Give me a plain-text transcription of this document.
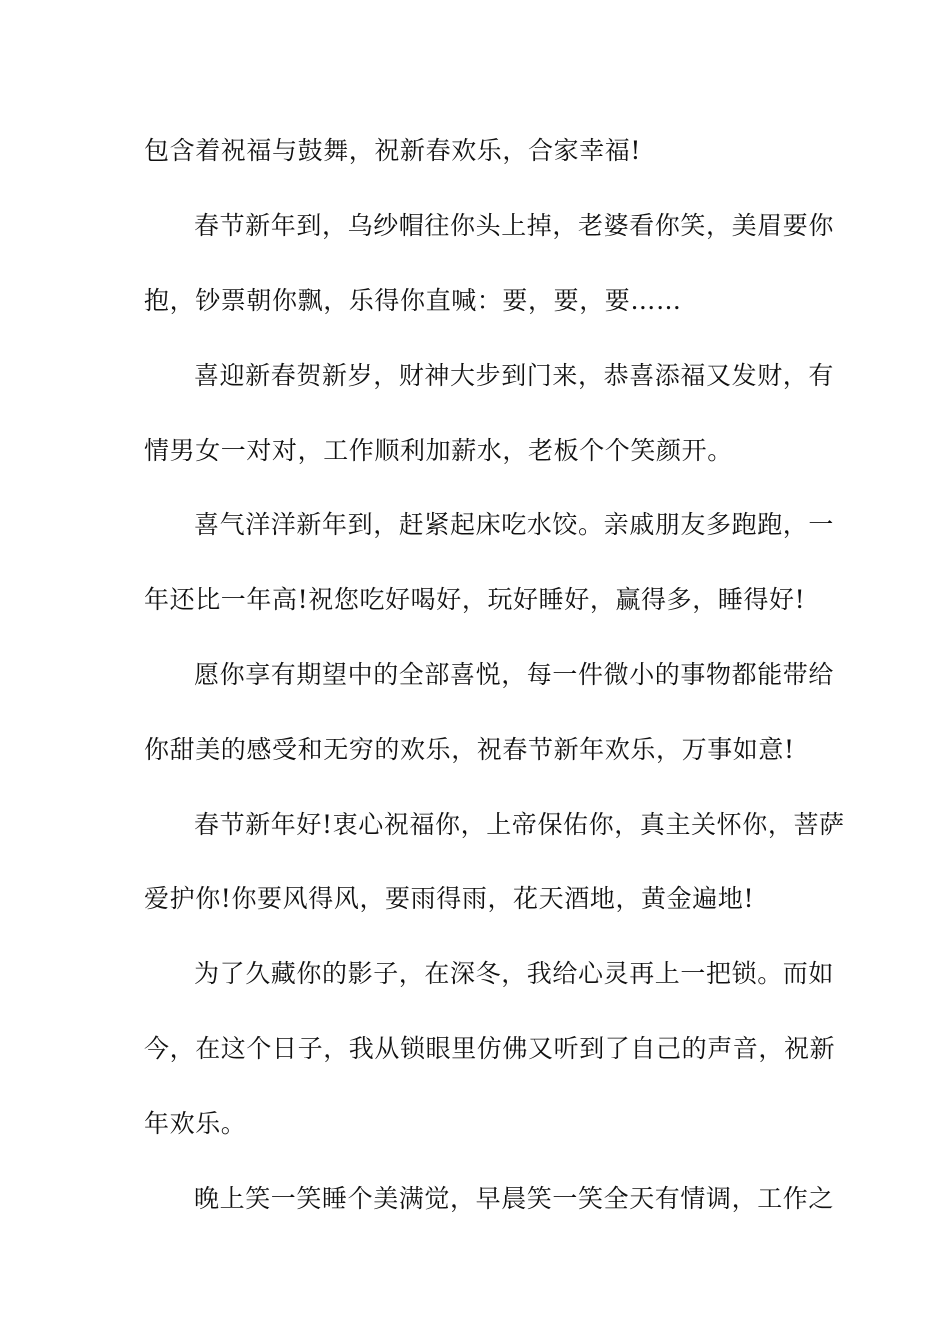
包含着祝福与鼓舞，祝新春欢乐，合家幸福!
春节新年到，乌纱帽往你头上掉，老婆看你笑，美眉要你
抱，钞票朝你飘，乐得你直喊：要，要，要……
喜迎新春贺新岁，财神大步到门来，恭喜添福又发财，有
情男女一对对，工作顺利加薪水，老板个个笑颜开。
喜气洋洋新年到，赶紧起床吃水饺。亲戚朋友多跑跑，一
年还比一年高!祝您吃好喝好，玩好睡好，赢得多，睡得好!
愿你享有期望中的全部喜悦，每一件微小的事物都能带给
你甜美的感受和无穷的欢乐，祝春节新年欢乐，万事如意!
春节新年好!衷心祝福你，上帝保佑你，真主关怀你，菩萨
爱护你!你要风得风，要雨得雨，花天酒地，黄金遍地!
为了久藏你的影子，在深冬，我给心灵再上一把锁。而如
今，在这个日子，我从锁眼里仿佛又听到了自己的声音，祝新
年欢乐。
晚上笑一笑睡个美满觉，早晨笑一笑全天有情调，工作之
